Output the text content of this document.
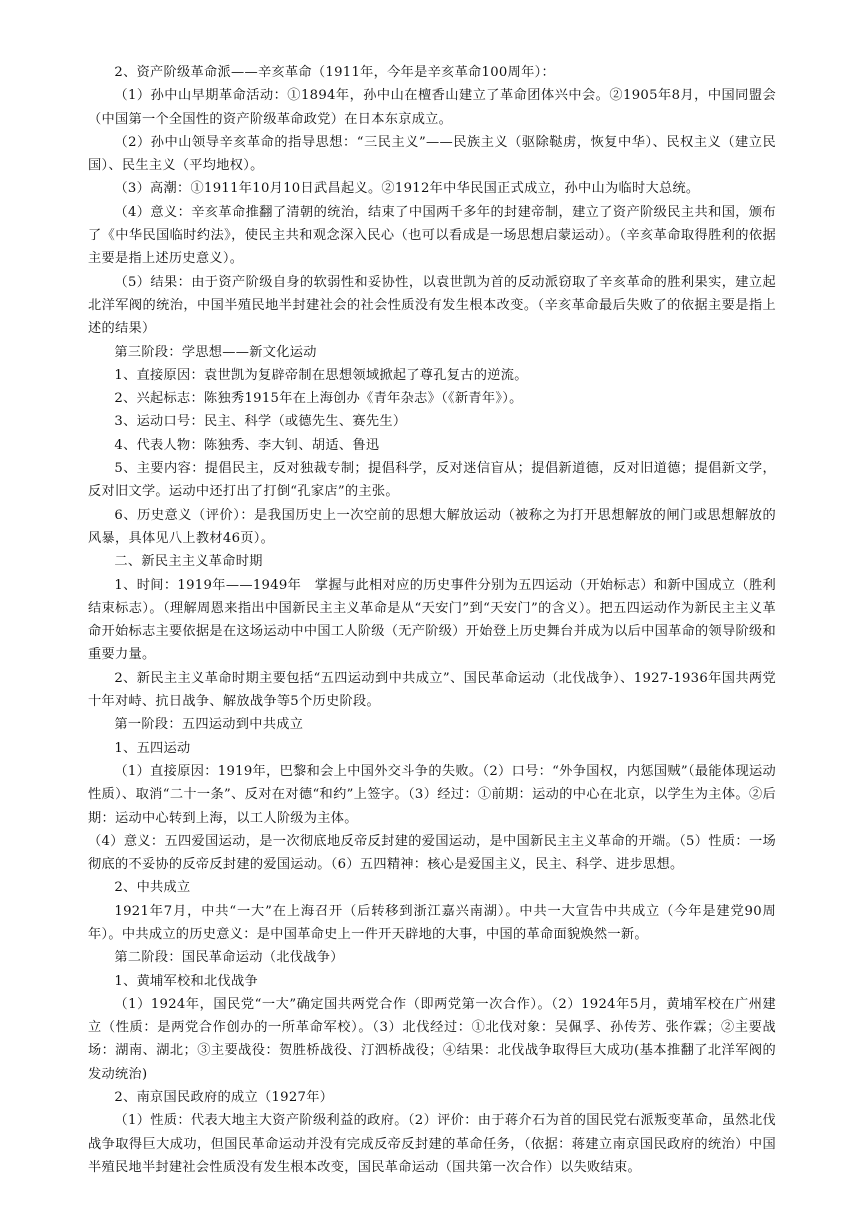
2、资产阶级革命派——辛亥革命（1911年，今年是辛亥革命100周年）：

（1）孙中山早期革命活动：①1894年，孙中山在檀香山建立了革命团体兴中会。②1905年8月，中国同盟会（中国第一个全国性的资产阶级革命政党）在日本东京成立。

（2）孙中山领导辛亥革命的指导思想：“三民主义”——民族主义（驱除鞑虏，恢复中华）、民权主义（建立民国）、民生主义（平均地权）。

（3）高潮：①1911年10月10日武昌起义。②1912年中华民国正式成立，孙中山为临时大总统。

（4）意义：辛亥革命推翻了清朝的统治，结束了中国两千多年的封建帝制，建立了资产阶级民主共和国，颁布了《中华民国临时约法》，使民主共和观念深入民心（也可以看成是一场思想启蒙运动）。（辛亥革命取得胜利的依据主要是指上述历史意义）。

（5）结果：由于资产阶级自身的软弱性和妥协性，以袁世凯为首的反动派窃取了辛亥革命的胜利果实，建立起北洋军阀的统治，中国半殖民地半封建社会的社会性质没有发生根本改变。（辛亥革命最后失败了的依据主要是指上述的结果）

第三阶段：学思想——新文化运动

1、直接原因：袁世凯为复辟帝制在思想领域掀起了尊孔复古的逆流。

2、兴起标志：陈独秀1915年在上海创办《青年杂志》（《新青年》）。

3、运动口号：民主、科学（或德先生、赛先生）

4、代表人物：陈独秀、李大钊、胡适、鲁迅

5、主要内容：提倡民主，反对独裁专制；提倡科学，反对迷信盲从；提倡新道德，反对旧道德；提倡新文学，反对旧文学。运动中还打出了打倒“孔家店”的主张。

6、历史意义（评价）：是我国历史上一次空前的思想大解放运动（被称之为打开思想解放的闸门或思想解放的风暴，具体见八上教材46页）。

二、新民主主义革命时期

1、时间：1919年——1949年　掌握与此相对应的历史事件分别为五四运动（开始标志）和新中国成立（胜利结束标志）。（理解周恩来指出中国新民主主义革命是从“天安门”到“天安门”的含义）。把五四运动作为新民主主义革命开始标志主要依据是在这场运动中中国工人阶级（无产阶级）开始登上历史舞台并成为以后中国革命的领导阶级和重要力量。

2、新民主主义革命时期主要包括“五四运动到中共成立”、国民革命运动（北伐战争）、1927-1936年国共两党十年对峙、抗日战争、解放战争等5个历史阶段。

第一阶段：五四运动到中共成立

1、五四运动

（1）直接原因：1919年，巴黎和会上中国外交斗争的失败。（2）口号：“外争国权，内惩国贼”（最能体现运动性质）、取消“二十一条”、反对在对德“和约”上签字。（3）经过：①前期：运动的中心在北京，以学生为主体。②后期：运动中心转到上海，以工人阶级为主体。

（4）意义：五四爱国运动，是一次彻底地反帝反封建的爱国运动，是中国新民主主义革命的开端。（5）性质：一场彻底的不妥协的反帝反封建的爱国运动。（6）五四精神：核心是爱国主义，民主、科学、进步思想。

2、中共成立

1921年7月，中共“一大”在上海召开（后转移到浙江嘉兴南湖）。中共一大宣告中共成立（今年是建党90周年）。中共成立的历史意义：是中国革命史上一件开天辟地的大事，中国的革命面貌焕然一新。

第二阶段：国民革命运动（北伐战争）

1、黄埔军校和北伐战争

（1）1924年，国民党“一大”确定国共两党合作（即两党第一次合作）。（2）1924年5月，黄埔军校在广州建立（性质：是两党合作创办的一所革命军校）。（3）北伐经过：①北伐对象：吴佩孚、孙传芳、张作霖；②主要战场：湖南、湖北；③主要战役：贺胜桥战役、汀泗桥战役；④结果：北伐战争取得巨大成功(基本推翻了北洋军阀的发动统治)

2、南京国民政府的成立（1927年）

（1）性质：代表大地主大资产阶级利益的政府。（2）评价：由于蒋介石为首的国民党右派叛变革命，虽然北伐战争取得巨大成功，但国民革命运动并没有完成反帝反封建的革命任务，（依据：蒋建立南京国民政府的统治）中国半殖民地半封建社会性质没有发生根本改变，国民革命运动（国共第一次合作）以失败结束。
